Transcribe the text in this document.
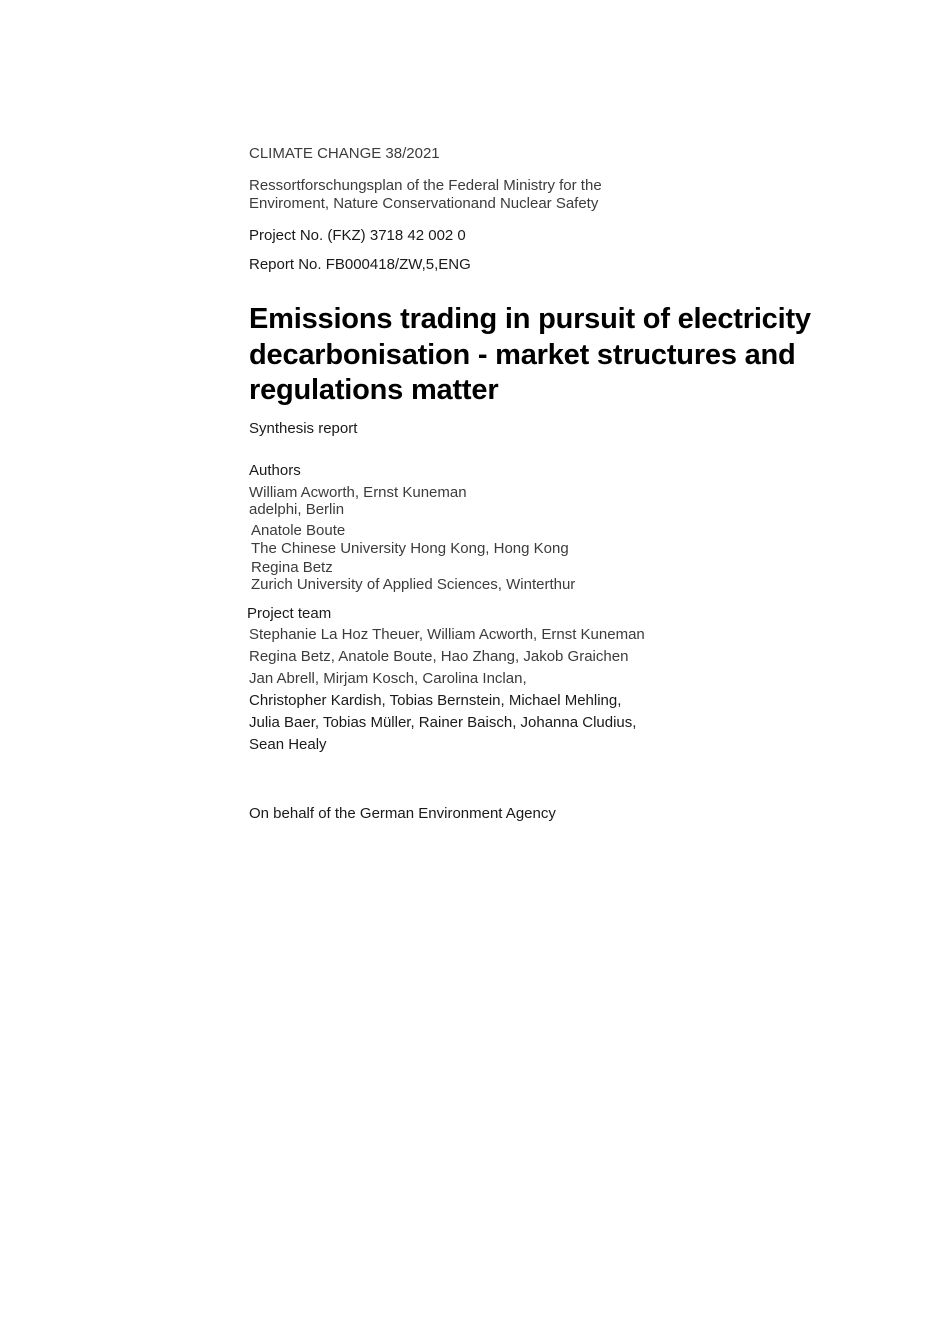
CLIMATE CHANGE 38/2021
Ressortforschungsplan of the Federal Ministry for the
Enviroment, Nature Conservationand Nuclear Safety
Project No. (FKZ) 3718 42 002 0
Report No. FB000418/ZW,5,ENG
Emissions trading in pursuit of electricity
decarbonisation - market structures and
regulations matter
Synthesis report
Authors
William Acworth, Ernst Kuneman
adelphi, Berlin
Anatole Boute
The Chinese University Hong Kong, Hong Kong
Regina Betz
Zurich University of Applied Sciences, Winterthur
Project team
Stephanie La Hoz Theuer, William Acworth, Ernst Kuneman
Regina Betz, Anatole Boute, Hao Zhang, Jakob Graichen
Jan Abrell, Mirjam Kosch, Carolina Inclan,
Christopher Kardish, Tobias Bernstein, Michael Mehling,
Julia Baer, Tobias Müller, Rainer Baisch, Johanna Cludius,
Sean Healy
On behalf of the German Environment Agency
